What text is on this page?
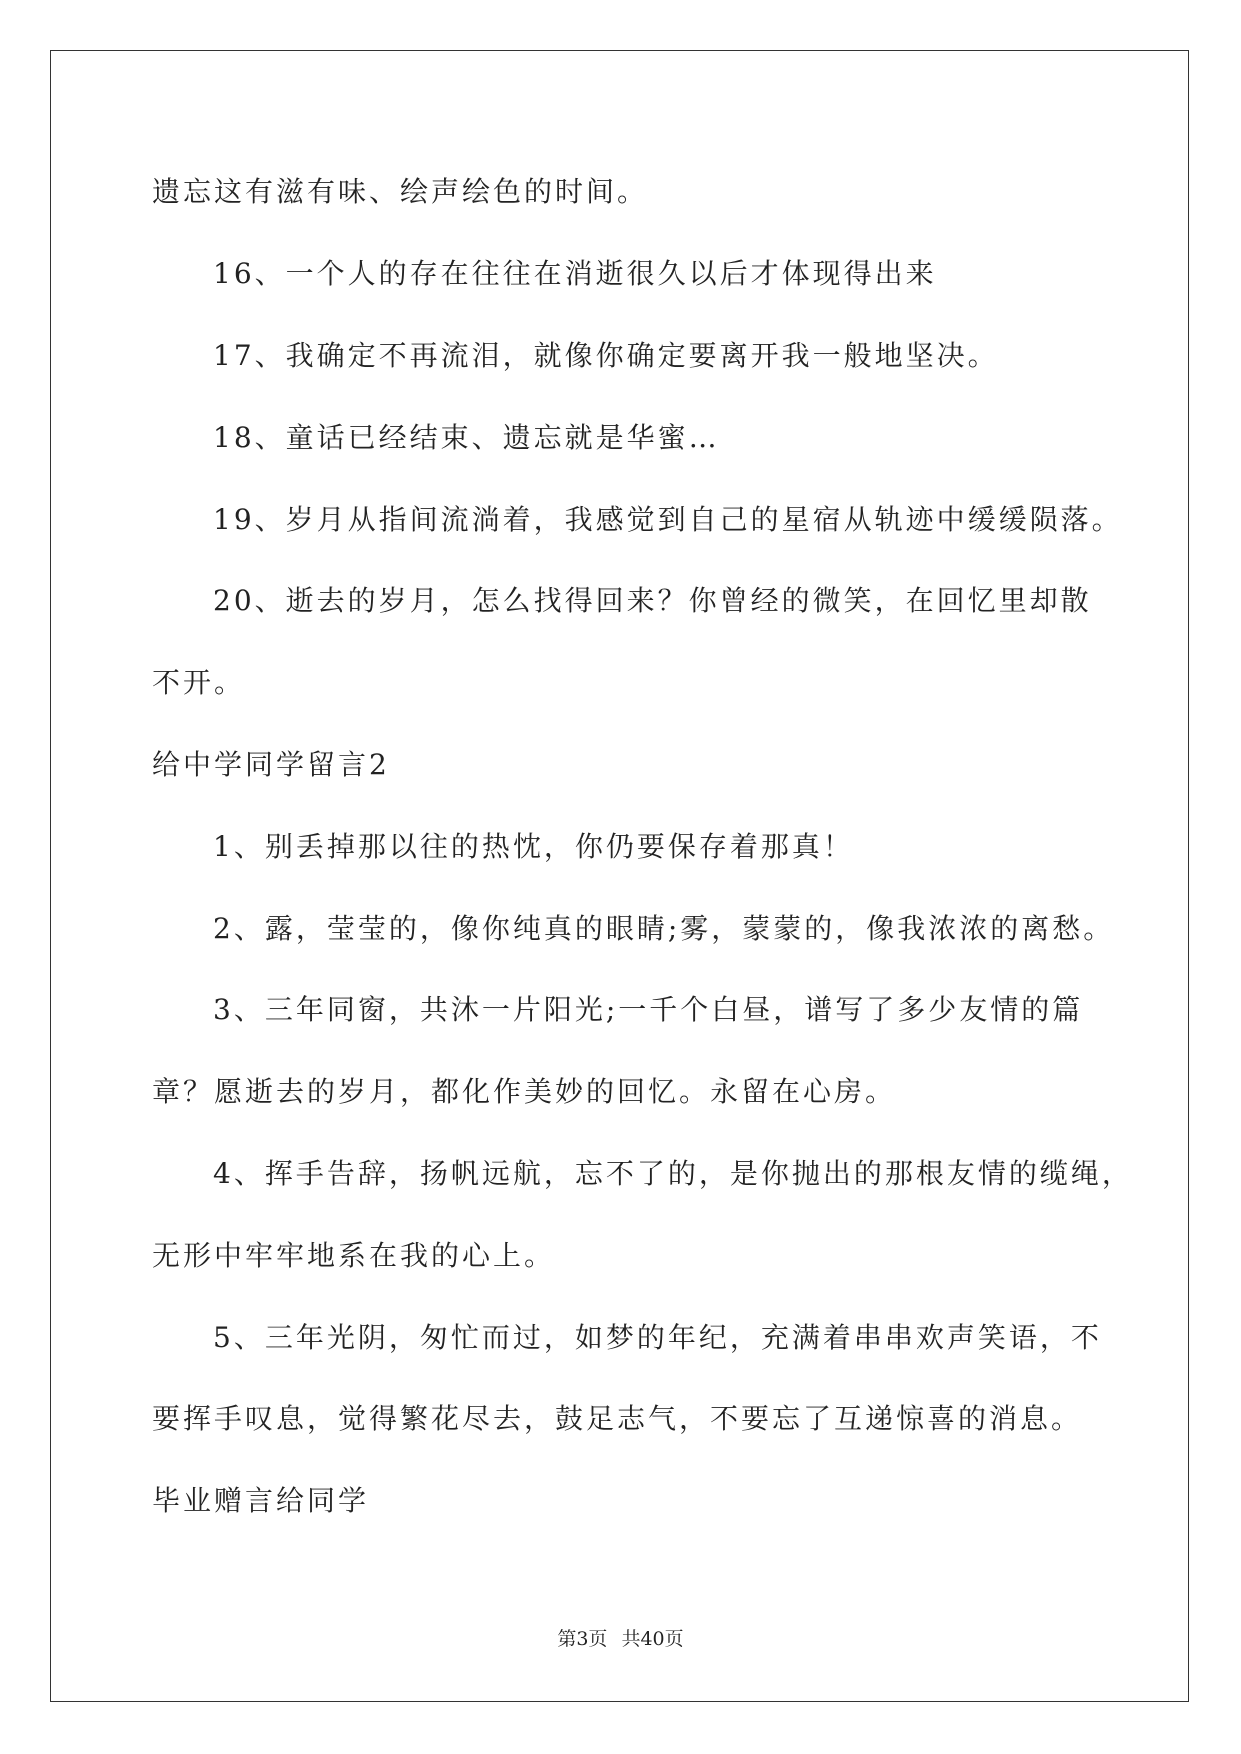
遗忘这有滋有味、绘声绘色的时间。
16、一个人的存在往往在消逝很久以后才体现得出来
17、我确定不再流泪，就像你确定要离开我一般地坚决。
18、童话已经结束、遗忘就是华蜜…
19、岁月从指间流淌着，我感觉到自己的星宿从轨迹中缓缓陨落。
20、逝去的岁月，怎么找得回来？你曾经的微笑，在回忆里却散
不开。
给中学同学留言2
1、别丢掉那以往的热忱，你仍要保存着那真！
2、露，莹莹的，像你纯真的眼睛;雾，蒙蒙的，像我浓浓的离愁。
3、三年同窗，共沐一片阳光;一千个白昼，谱写了多少友情的篇
章？愿逝去的岁月，都化作美妙的回忆。永留在心房。
4、挥手告辞，扬帆远航，忘不了的，是你抛出的那根友情的缆绳，
无形中牢牢地系在我的心上。
5、三年光阴，匆忙而过，如梦的年纪，充满着串串欢声笑语，不
要挥手叹息，觉得繁花尽去，鼓足志气，不要忘了互递惊喜的消息。
毕业赠言给同学
第3页 共40页
